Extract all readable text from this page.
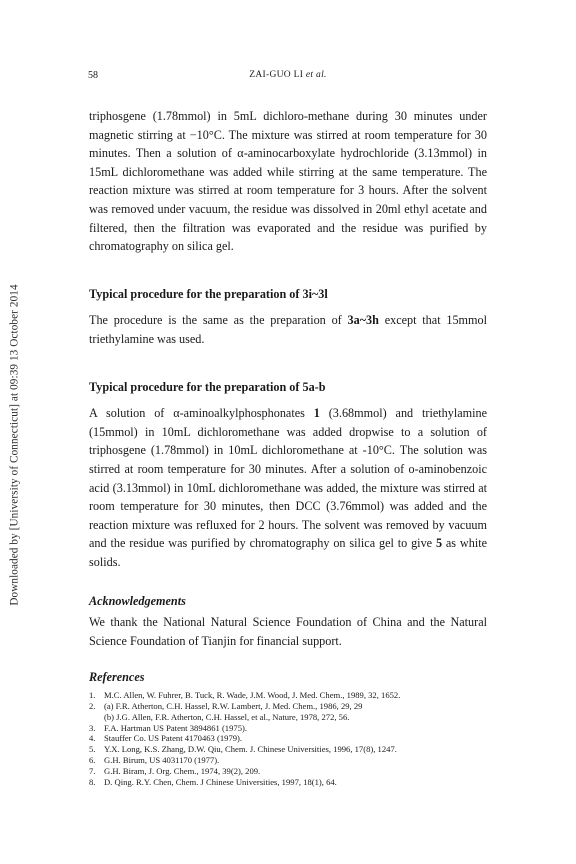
Downloaded by [University of Connecticut] at 09:39 13 October 2014
58	ZAI-GUO LI et al.

triphosgene (1.78mmol) in 5mL dichloro-methane during 30 minutes under magnetic stirring at −10°C. The mixture was stirred at room temperature for 30 minutes. Then a solution of α-aminocarboxylate hydrochloride (3.13mmol) in 15mL dichloromethane was added while stirring at the same temperature. The reaction mixture was stirred at room temperature for 3 hours. After the solvent was removed under vacuum, the residue was dissolved in 20ml ethyl acetate and filtered, then the filtration was evaporated and the residue was purified by chromatography on silica gel.

Typical procedure for the preparation of 3i~3l

The procedure is the same as the preparation of 3a~3h except that 15mmol triethylamine was used.

Typical procedure for the preparation of 5a-b

A solution of α-aminoalkylphosphonates 1 (3.68mmol) and triethylamine (15mmol) in 10mL dichloromethane was added dropwise to a solution of triphosgene (1.78mmol) in 10mL dichloromethane at -10°C. The solution was stirred at room temperature for 30 minutes. After a solution of o-aminobenzoic acid (3.13mmol) in 10mL dichloromethane was added, the mixture was stirred at room temperature for 30 minutes, then DCC (3.76mmol) was added and the reaction mixture was refluxed for 2 hours. The solvent was removed by vacuum and the residue was purified by chromatography on silica gel to give 5 as white solids.

Acknowledgements

We thank the National Natural Science Foundation of China and the Natural Science Foundation of Tianjin for financial support.

References
1. M.C. Allen, W. Fuhrer, B. Tuck, R. Wade, J.M. Wood, J. Med. Chem., 1989, 32, 1652.
2. (a) F.R. Atherton, C.H. Hassel, R.W. Lambert, J. Med. Chem., 1986, 29, 29
(b) J.G. Allen, F.R. Atherton, C.H. Hassel, et al., Nature, 1978, 272, 56.
3. F.A. Hartman US Patent 3894861 (1975).
4. Stauffer Co. US Patent 4170463 (1979).
5. Y.X. Long, K.S. Zhang, D.W. Qiu, Chem. J. Chinese Universities, 1996, 17(8), 1247.
6. G.H. Birum, US 4031170 (1977).
7. G.H. Biram, J. Org. Chem., 1974, 39(2), 209.
8. D. Qing. R.Y. Chen, Chem. J Chinese Universities, 1997, 18(1), 64.
